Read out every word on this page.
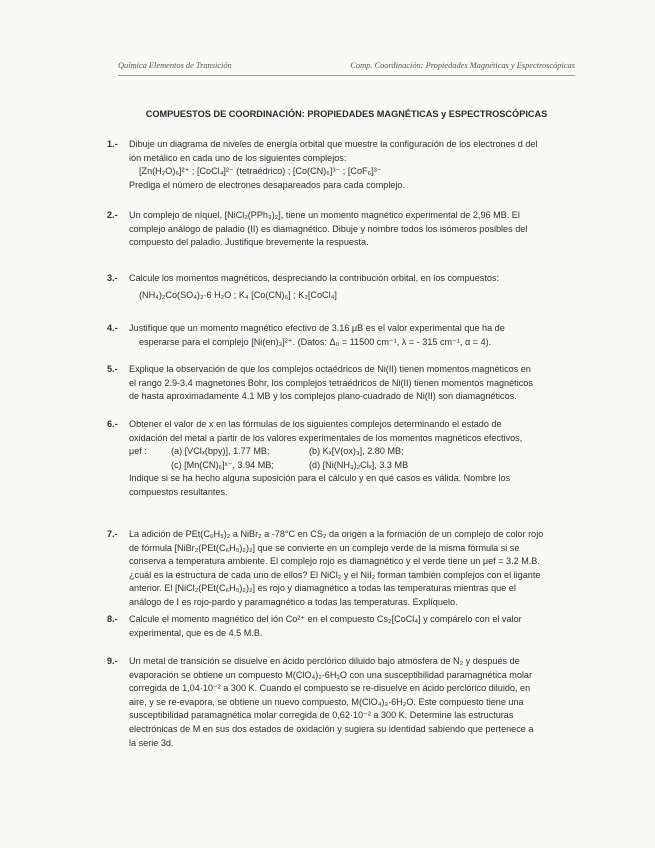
Química Elementos de Transición	Comp. Coordinación: Propiedades Magnéticas y Espectroscópicas
COMPUESTOS DE COORDINACIÓN: PROPIEDADES MAGNÉTICAS y ESPECTROSCÓPICAS
1.- Dibuje un diagrama de niveles de energía orbital que muestre la configuración de los electrones d del
ión metálico en cada uno de los siguientes complejos:
[Zn(H₂O)₆]²⁺ ; [CoCl₄]²⁻ (tetraédrico) ; [Co(CN)₆]³⁻ ; [CoF₆]³⁻
Prediga el número de electrones desapareados para cada complejo.
2.- Un complejo de níquel, [NiCl₂(PPh₃)₂], tiene un momento magnético experimental de 2,96 MB. El
complejo análogo de paladio (II) es diamagnético. Dibuje y nombre todos los isómeros posibles del
compuesto del paladio. Justifique brevemente la respuesta.
3.- Calcule los momentos magnéticos, despreciando la contribución orbital, en los compuestos:
(NH₄)₂Co(SO₄)₂·6 H₂O ; K₄ [Co(CN)₆] ; K₂[CoCl₄]
4.- Justifique que un momento magnético efectivo de 3.16 μB es el valor experimental que ha de
esperarse para el complejo [Ni(en)₃]²⁺. (Datos: Δ₀ = 11500 cm⁻¹, λ = - 315 cm⁻¹, α = 4).
5.- Explique la observación de que los complejos octaédricos de Ni(II) tienen momentos magnéticos en
el rango 2.9-3.4 magnetones Bohr, los complejos tetraédricos de Ni(II) tienen momentos magnéticos
de hasta aproximadamente 4.1 MB y los complejos plano-cuadrado de Ni(II) son diamagnéticos.
6.- Obtener el valor de x en las fórmulas de los siguientes complejos determinando el estado de
oxidación del metal a partir de los valores experimentales de los momentos magnéticos efectivos,
μef :	(a) [VClₓ(bpy)], 1.77 MB;	(b) Kₓ[V(ox)₃], 2.80 MB;
(c) [Mn(CN)₆]ˣ⁻, 3.94 MB;	(d) [Ni(NH₃)₂Clₓ], 3.3 MB
Indique si se ha hecho alguna suposición para el cálculo y en qué casos es válida. Nombre los
compuestos resultantes.
7.- La adición de PEt(C₆H₅)₂ a NiBr₂ a -78°C en CS₂ da origen a la formación de un complejo de color rojo
de fórmula [NiBr₂(PEt(C₆H₅)₂)₂] que se convierte en un complejo verde de la misma fórmula si se
conserva a temperatura ambiente. El complejo rojo es diamagnético y el verde tiene un μef = 3.2 M.B.
¿cuál es la estructura de cada uno de ellos? El NiCl₂ y el NiI₂ forman también complejos con el ligante
anterior. El [NiCl₂(PEt(C₆H₅)₂)₂] es rojo y diamagnético a todas las temperaturas mientras que el
análogo de I es rojo-pardo y paramagnético a todas las temperaturas. Explíquelo.
8.- Calcule el momento magnético del ión Co²⁺ en el compuesto Cs₂[CoCl₄] y compárelo con el valor
experimental, que es de 4.5 M.B.
9.- Un metal de transición se disuelve en ácido perclórico diluido bajo atmósfera de N₂ y después de
evaporación se obtiene un compuesto M(ClO₄)₂·6H₂O con una susceptibilidad paramagnética molar
corregida de 1,04·10⁻² a 300 K. Cuando el compuesto se re-disuelve en ácido perclórico diluido, en
aire, y se re-evapora, se obtiene un nuevo compuesto, M(ClO₄)₃·6H₂O. Este compuesto tiene una
susceptibilidad paramagnética molar corregida de 0,62·10⁻² a 300 K. Determine las estructuras
electrónicas de M en sus dos estados de oxidación y sugiera su identidad sabiendo que pertenece a
la serie 3d.
